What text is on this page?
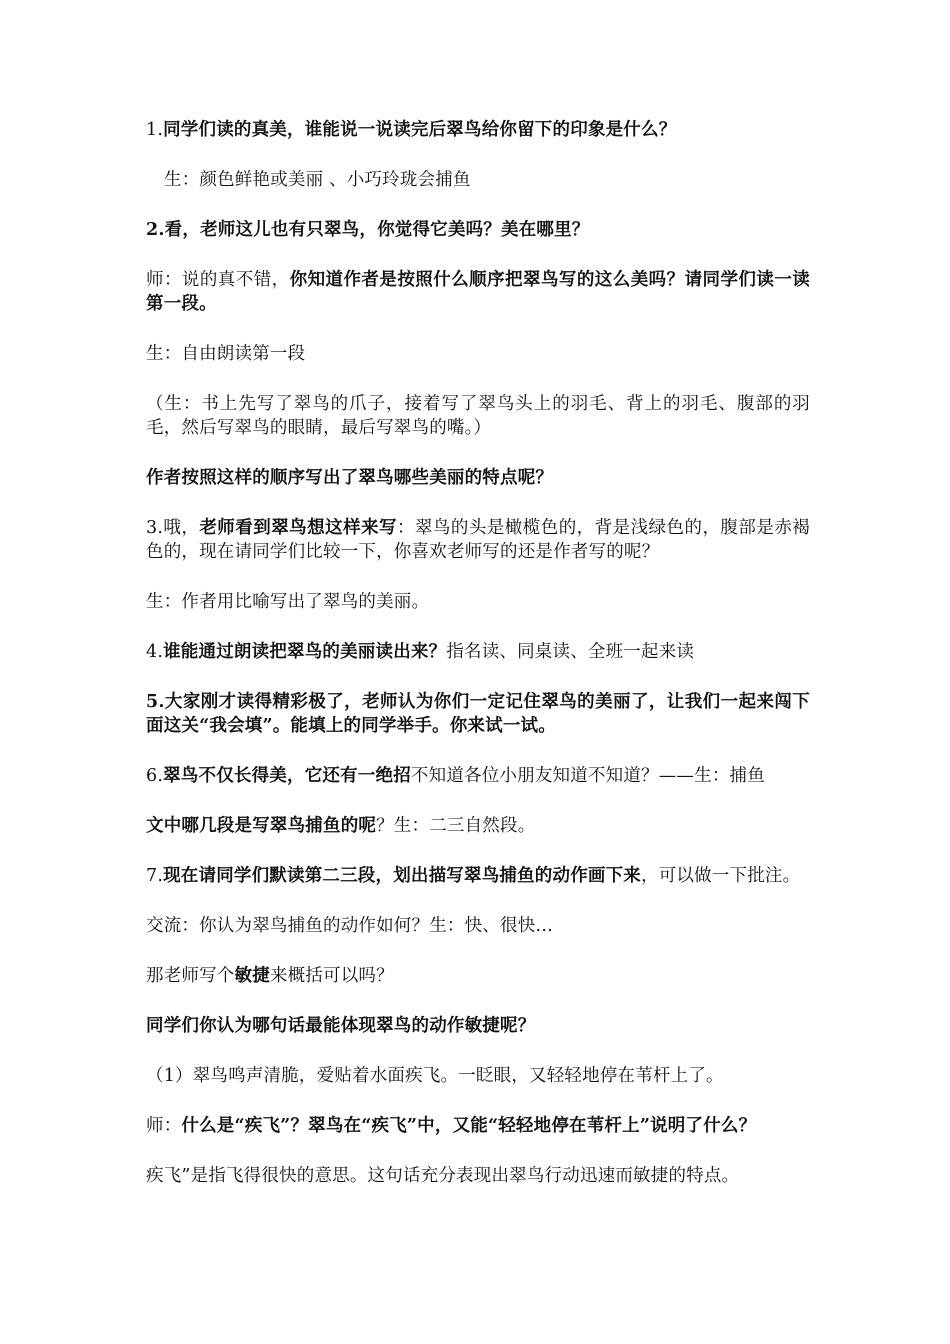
1.同学们读的真美，谁能说一说读完后翠鸟给你留下的印象是什么？

生：颜色鲜艳或美丽 、小巧玲珑会捕鱼

2.看，老师这儿也有只翠鸟，你觉得它美吗？美在哪里？

师：说的真不错，你知道作者是按照什么顺序把翠鸟写的这么美吗？请同学们读一读第一段。

生：自由朗读第一段

（生：书上先写了翠鸟的爪子，接着写了翠鸟头上的羽毛、背上的羽毛、腹部的羽毛，然后写翠鸟的眼睛，最后写翠鸟的嘴。）

作者按照这样的顺序写出了翠鸟哪些美丽的特点呢？

3.哦，老师看到翠鸟想这样来写：翠鸟的头是橄榄色的，背是浅绿色的，腹部是赤褐色的，现在请同学们比较一下，你喜欢老师写的还是作者写的呢？

生：作者用比喻写出了翠鸟的美丽。

4.谁能通过朗读把翠鸟的美丽读出来？指名读、同桌读、全班一起来读

5.大家刚才读得精彩极了，老师认为你们一定记住翠鸟的美丽了，让我们一起来闯下面这关“我会填”。能填上的同学举手。你来试一试。

6.翠鸟不仅长得美，它还有一绝招不知道各位小朋友知道不知道？——生：捕鱼

文中哪几段是写翠鸟捕鱼的呢？生：二三自然段。

7.现在请同学们默读第二三段，划出描写翠鸟捕鱼的动作画下来，可以做一下批注。

交流：你认为翠鸟捕鱼的动作如何？生：快、很快…

那老师写个敏捷来概括可以吗？

同学们你认为哪句话最能体现翠鸟的动作敏捷呢？

（1）翠鸟鸣声清脆，爱贴着水面疾飞。一眨眼，又轻轻地停在苇杆上了。

师：什么是“疾飞”？翠鸟在“疾飞”中，又能“轻轻地停在苇杆上”说明了什么？

疾飞”是指飞得很快的意思。这句话充分表现出翠鸟行动迅速而敏捷的特点。
